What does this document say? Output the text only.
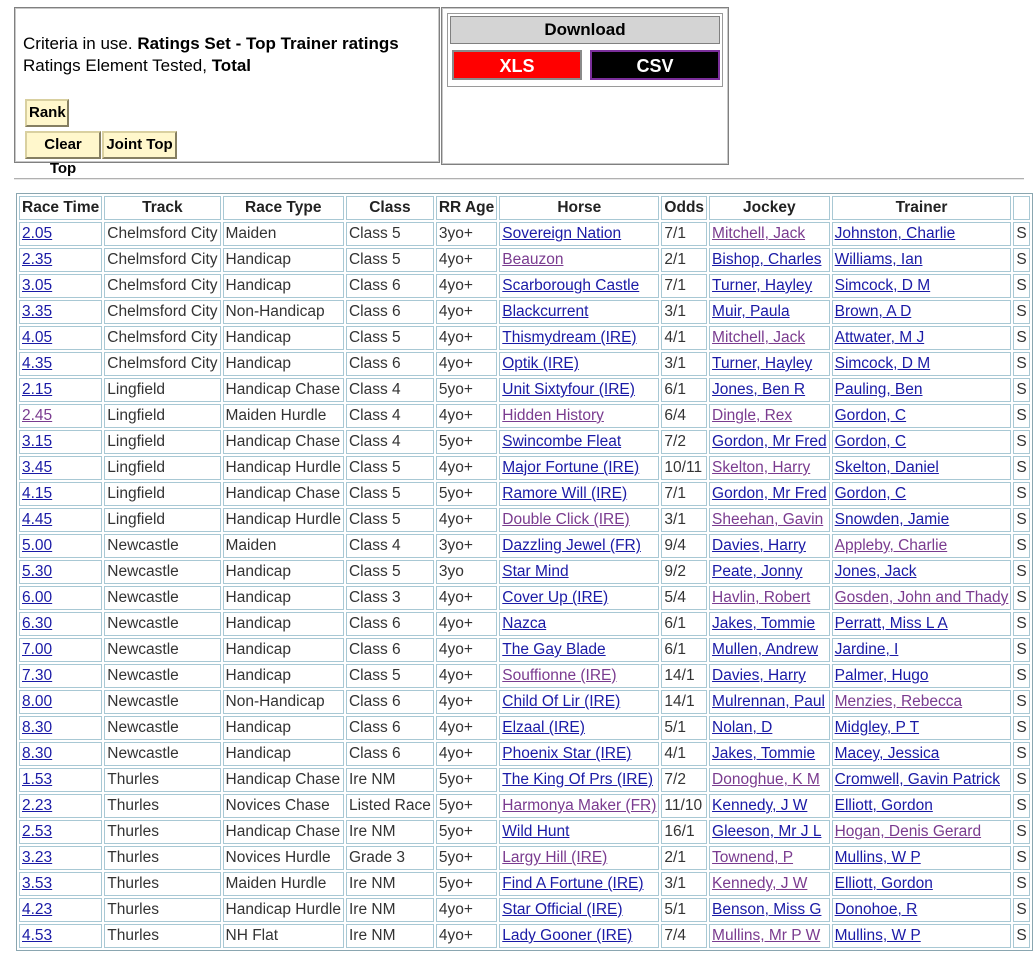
Criteria in use. Ratings Set - Top Trainer ratings
Ratings Element Tested, Total
Rank
Clear Top
Joint Top
Download
XLS	CSV
Race Time	Track	Race Type	Class	RR Age	Horse	Odds	Jockey	Trainer	
2.05	Chelmsford City	Maiden	Class 5	3yo+	Sovereign Nation	7/1	Mitchell, Jack	Johnston, Charlie	S
2.35	Chelmsford City	Handicap	Class 5	4yo+	Beauzon	2/1	Bishop, Charles	Williams, Ian	S
3.05	Chelmsford City	Handicap	Class 6	4yo+	Scarborough Castle	7/1	Turner, Hayley	Simcock, D M	S
3.35	Chelmsford City	Non-Handicap	Class 6	4yo+	Blackcurrent	3/1	Muir, Paula	Brown, A D	S
4.05	Chelmsford City	Handicap	Class 5	4yo+	Thismydream (IRE)	4/1	Mitchell, Jack	Attwater, M J	S
4.35	Chelmsford City	Handicap	Class 6	4yo+	Optik (IRE)	3/1	Turner, Hayley	Simcock, D M	S
2.15	Lingfield	Handicap Chase	Class 4	5yo+	Unit Sixtyfour (IRE)	6/1	Jones, Ben R	Pauling, Ben	S
2.45	Lingfield	Maiden Hurdle	Class 4	4yo+	Hidden History	6/4	Dingle, Rex	Gordon, C	S
3.15	Lingfield	Handicap Chase	Class 4	5yo+	Swincombe Fleat	7/2	Gordon, Mr Fred	Gordon, C	S
3.45	Lingfield	Handicap Hurdle	Class 5	4yo+	Major Fortune (IRE)	10/11	Skelton, Harry	Skelton, Daniel	S
4.15	Lingfield	Handicap Chase	Class 5	5yo+	Ramore Will (IRE)	7/1	Gordon, Mr Fred	Gordon, C	S
4.45	Lingfield	Handicap Hurdle	Class 5	4yo+	Double Click (IRE)	3/1	Sheehan, Gavin	Snowden, Jamie	S
5.00	Newcastle	Maiden	Class 4	3yo+	Dazzling Jewel (FR)	9/4	Davies, Harry	Appleby, Charlie	S
5.30	Newcastle	Handicap	Class 5	3yo	Star Mind	9/2	Peate, Jonny	Jones, Jack	S
6.00	Newcastle	Handicap	Class 3	4yo+	Cover Up (IRE)	5/4	Havlin, Robert	Gosden, John and Thady	S
6.30	Newcastle	Handicap	Class 6	4yo+	Nazca	6/1	Jakes, Tommie	Perratt, Miss L A	S
7.00	Newcastle	Handicap	Class 6	4yo+	The Gay Blade	6/1	Mullen, Andrew	Jardine, I	S
7.30	Newcastle	Handicap	Class 5	4yo+	Souffionne (IRE)	14/1	Davies, Harry	Palmer, Hugo	S
8.00	Newcastle	Non-Handicap	Class 6	4yo+	Child Of Lir (IRE)	14/1	Mulrennan, Paul	Menzies, Rebecca	S
8.30	Newcastle	Handicap	Class 6	4yo+	Elzaal (IRE)	5/1	Nolan, D	Midgley, P T	S
8.30	Newcastle	Handicap	Class 6	4yo+	Phoenix Star (IRE)	4/1	Jakes, Tommie	Macey, Jessica	S
1.53	Thurles	Handicap Chase	Ire NM	5yo+	The King Of Prs (IRE)	7/2	Donoghue, K M	Cromwell, Gavin Patrick	S
2.23	Thurles	Novices Chase	Listed Race	5yo+	Harmonya Maker (FR)	11/10	Kennedy, J W	Elliott, Gordon	S
2.53	Thurles	Handicap Chase	Ire NM	5yo+	Wild Hunt	16/1	Gleeson, Mr J L	Hogan, Denis Gerard	S
3.23	Thurles	Novices Hurdle	Grade 3	5yo+	Largy Hill (IRE)	2/1	Townend, P	Mullins, W P	S
3.53	Thurles	Maiden Hurdle	Ire NM	5yo+	Find A Fortune (IRE)	3/1	Kennedy, J W	Elliott, Gordon	S
4.23	Thurles	Handicap Hurdle	Ire NM	4yo+	Star Official (IRE)	5/1	Benson, Miss G	Donohoe, R	S
4.53	Thurles	NH Flat	Ire NM	4yo+	Lady Gooner (IRE)	7/4	Mullins, Mr P W	Mullins, W P	S
